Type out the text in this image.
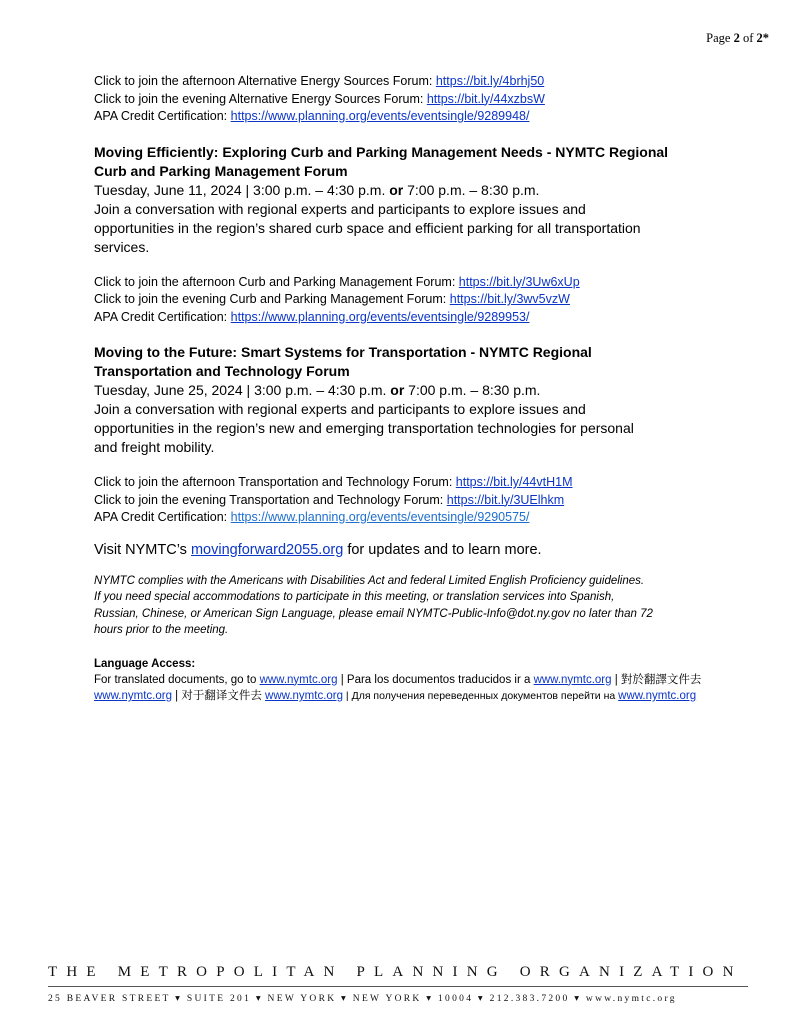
Page 2 of 2*
Click to join the afternoon Alternative Energy Sources Forum: https://bit.ly/4brhj50
Click to join the evening Alternative Energy Sources Forum: https://bit.ly/44xzbsW
APA Credit Certification: https://www.planning.org/events/eventsingle/9289948/
Moving Efficiently: Exploring Curb and Parking Management Needs - NYMTC Regional
Curb and Parking Management Forum
Tuesday, June 11, 2024 | 3:00 p.m. – 4:30 p.m. or 7:00 p.m. – 8:30 p.m.
Join a conversation with regional experts and participants to explore issues and
opportunities in the region’s shared curb space and efficient parking for all transportation
services.
Click to join the afternoon Curb and Parking Management Forum: https://bit.ly/3Uw6xUp
Click to join the evening Curb and Parking Management Forum: https://bit.ly/3wv5vzW
APA Credit Certification: https://www.planning.org/events/eventsingle/9289953/
Moving to the Future: Smart Systems for Transportation - NYMTC Regional
Transportation and Technology Forum
Tuesday, June 25, 2024 | 3:00 p.m. – 4:30 p.m. or 7:00 p.m. – 8:30 p.m.
Join a conversation with regional experts and participants to explore issues and
opportunities in the region’s new and emerging transportation technologies for personal
and freight mobility.
Click to join the afternoon Transportation and Technology Forum: https://bit.ly/44vtH1M
Click to join the evening Transportation and Technology Forum: https://bit.ly/3UElhkm
APA Credit Certification: https://www.planning.org/events/eventsingle/9290575/
Visit NYMTC’s movingforward2055.org for updates and to learn more.
NYMTC complies with the Americans with Disabilities Act and federal Limited English Proficiency guidelines.
If you need special accommodations to participate in this meeting, or translation services into Spanish,
Russian, Chinese, or American Sign Language, please email NYMTC-Public-Info@dot.ny.gov no later than 72
hours prior to the meeting.
Language Access:
For translated documents, go to www.nymtc.org | Para los documentos traducidos ir a www.nymtc.org | 對於翻譯文件去
www.nymtc.org | 对于翻译文件去 www.nymtc.org | Для получения переведенных документов перейти на www.nymtc.org
THE METROPOLITAN PLANNING ORGANIZATION
25 BEAVER STREET ▾ SUITE 201 ▾ NEW YORK ▾ NEW YORK ▾ 10004 ▾ 212.383.7200 ▾ www.nymtc.org
